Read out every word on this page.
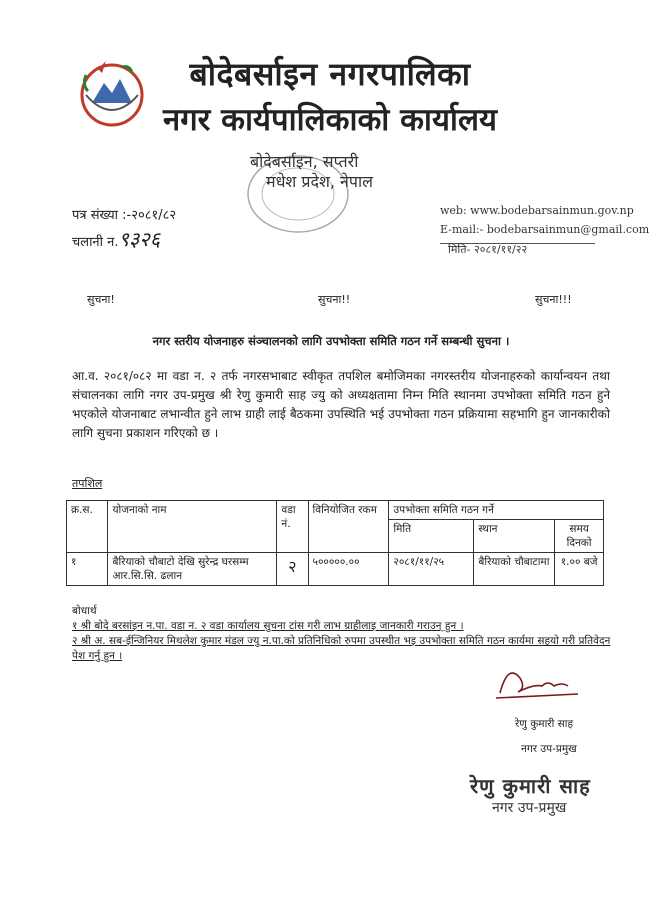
बोदेबर्साइन नगरपालिका
नगर कार्यपालिकाको कार्यालय
बोदेबर्साइन, सप्तरी
मधेश प्रदेश, नेपाल
पत्र संख्या :-२०८१/८२
चलानी न.९३२६
web: www.bodebarsainmun.gov.np
E-mail:- bodebarsainmun@gmail.com
मिति- २०८१/११/२२
सुचना!	सुचना!!	सुचना!!!
नगर स्तरीय योजनाहरु संञ्चालनको लागि उपभोक्ता समिति गठन गर्ने सम्बन्धी सुचना ।
आ.व. २०८१/०८२ मा वडा न. २ तर्फ नगरसभाबाट स्वीकृत तपशिल बमोजिमका नगरस्तरीय योजनाहरुको कार्यान्वयन तथा संचालनका लागि नगर उप-प्रमुख श्री रेणु कुमारी साह ज्यु को अध्यक्षतामा निम्न मिति स्थानमा उपभोक्ता समिति गठन हुने भएकोले योजनाबाट लभान्वीत हुने लाभ ग्राही लाई बैठकमा उपस्थिति भई उपभोक्ता गठन प्रक्रियामा सहभागि हुन जानकारीको लागि सुचना प्रकाशन गरिएको छ ।
तपशिल
क्र.स.	योजनाको नाम	वडा नं.	विनियोजित रकम	उपभोक्ता समिति गठन गर्ने		
				मिति	स्थान	समय दिनको
१	बैरियाको चौबाटो देखि सुरेन्द्र घरसम्म आर.सि.सि. ढलान	२	५०००००.००	२०८१/११/२५	बैरियाको चौबाटामा	१.०० बजे
बोधार्थ
१ श्री बोदे बरसांइन न.पा. वडा न. २ वडा कार्यालय सुचना टांस गरी लाभ ग्राहीलाइ जानकारी गराउन् हुन ।
२ श्री अ. सब-ईन्जिनियर मिथलेश कुमार मंडल ज्यु न.पा.को प्रतिनिधिको रुपमा उपस्थीत भइ उपभोक्ता समिति गठन कार्यमा सहयो गरी प्रतिवेदन पेश गर्नु हुन ।
रेणु कुमारी साह
नगर उप-प्रमुख
रेणु कुमारी साह
नगर उप-प्रमुख
